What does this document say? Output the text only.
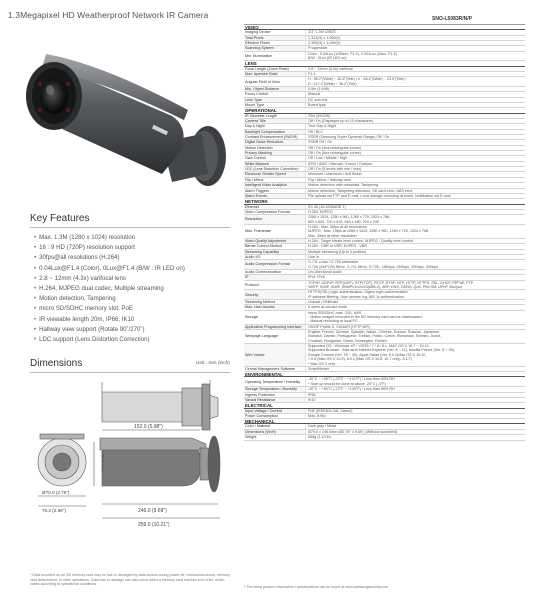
1.3Megapixel HD Weatherproof Network IR Camera
Key Features
• Max. 1.3M (1280 x 1024) resolution
• 16 : 9 HD (720P) resolution support
• 30fps@all resolutions (H.264)
• 0.04Lux@F1.4 (Color), 0Lux@F1.4 (B/W : IR LED on)
• 2.8 ~ 12mm (4.3x) varifocal lens
• H.264, MJPEG dual codec, Multiple streaming
• Motion detection, Tampering
• micro SD/SDHC memory slot, PoE
• IR viewable length 20m, IP66, IK10
• Hallway view support (Rotate 90˚/270˚)
• LDC support (Lens Distortion Correction)
Dimensions	Unit : mm (inch)
152.0 (5.98")
77.0 (3.03")
Ø70.0 (2.76")
75.2 (2.96")	246.0 (9.69")
259.0 (10.21")
* Data recorded on an SD memory card may be lost or damaged by data access during power off, mechanical shock, memory card detachment, or other operations. Data loss or damage can also occur when a memory card reaches end of life, which varies according to operational conditions.
* The latest product information / specifications can be found at www.samsungsecurity.com
SNO-L5083R/N/P
VIDEO
Imaging Device	1/3" 1.3M CMOS
Total Pixels	1,312(H) x 1,069(V)
Effective Pixels	1,305(H) x 1,049(V)
Scanning System	Progressive
Min. Illumination
Color : 0.04Lux (1/30sec, F1.4), 0.001Lux (2sec, F1.4)
B/W : 0Lux (IR LED on)
LENS
Focal Length (Zoom Ratio)	2.8 ~ 12mm (4.3x) varifocal
Max. Aperture Ratio	F1.4
Angular Field of View
H : 98.2˚(Wide) ~ 26.6˚(Tele) / V : 68.4˚(Wide) ~ 23.0˚(Tele) /
D : 117.3˚(Wide) ~ 36.2˚(Tele)
Min. Object Distance	0.5m (1.64ft)
Focus Control	Manual
Lens Type	DC auto iris
Mount Type	Board type
OPERATIONAL
IR Viewable Length	20m (65.62ft)
Camera Title	Off / On (Displayed up to 15 characters)
Day & Night	True Day & Night
Backlight Compensation	Off / BLC
Contrast Enhancement (SWDR)	SSDR (Samsung Super Dynamic Range) Off / On
Digital Noise Reduction	SSNR Off / On
Motion Detection	Off / On (4ea rectangular zones)
Privacy Masking	Off / On (6ea rectangular zones)
Gain Control	Off / Low / Middle / High
White Balance	ATW / AWC / Manual / Indoor / Outdoor
LDC (Lens Distortion Correction)	Off / On (5 levels with min / max)
Electronic Shutter Speed	Minimum / Maximum / Anti flicker
Flip / Mirror	Flip / Mirror / Hallway view
Intelligent Video Analytics	Motion detection with metadata, Tampering
Alarm Triggers	Motion detection, Tampering detection, SD card error, NAS error
Alarm Events	File upload via FTP and E-mail, Local storage recording at event, Notification via E-mail
NETWORK
Ethernet	RJ-45 (10/100BASE-T)
Video Compression Format	H.264, MJPEG
Resolution
1280 x 1024, 1280 x 960, 1280 x 720, 1024 x 768,
800 x 600, 720 x 576, 640 x 480, 320 x 240
Max. Framerate
H.264 : Max. 30fps at all resolutions
MJPEG : Max. 15fps at 1280 x 1024, 1280 x 960, 1280 x 720, 1024 x 768,
Max. 30fps at other resolution
Video Quality Adjustment	H.264 : Target bitrate level control, MJPEG : Quality level control
Bitrate Control Method	H.264 : CBR or VBR, MJPEG : VBR
Streaming Capability	Multiple streaming (Up to 3 profiles)
Audio I/O	Line in
Audio Compression Format
G.711 u-law / G.726 selectable
G.726 (ADPCM) 8KHz, G.711 8KHz, G.726 : 16Kbps, 24Kbps, 32Kbps, 40Kbps
Audio Communication	Uni-directional audio
IP	IPv4, IPv6
Protocol
TCP/IP, UDP/IP, RTP(UDP), RTP(TCP), RTCP, RTSP, NTP, HTTP, HTTPS, SSL, DHCP, PPPoE, FTP,
SMTP, ICMP, IGMP, SNMPv1/v2c/v3(MIB-2), ARP, DNS, DDNS, QoS, PIM-SM, UPnP, Bonjour
Security
HTTPS(SSL) login authentication, Digest login authentication
IP address filtering, User access log, 802.1x authentication
Streaming Method	Unicast / Multicast
Max. User Access	6 users at unicast mode
Storage
micro SD/SDHC max. 32G, NAS
- Motion images recorded in the SD memory card can be downloaded.
- Manual recording at local PC
Application Programming Interface	ONVIF Profile S, SUNAPI (HTTP API)
Webpage Language
English, French, German, Spanish, Italian, Chinese, Korean, Russian, Japanese,
Swedish, Danish, Portuguese, Turkish, Polish, Czech, Rumanian, Serbian, Dutch,
Croatian, Hungarian, Greek, Norwegian, Finnish
Web Viewer
Supported OS : Windows XP / VISTA / 7 / 8 / 8.1, MAC OS X 10.7 ~ 10.10
Supported Browser : Microsoft Internet Explorer (Ver. 8 ~ 11), Mozilla Firefox (Ver. 9 ~ 35),
Google Chrome (Ver. 15 ~ 40), Apple Safari (Ver. 6.0.2(Mac OS X 10.10,
7.0.6 (Mac OS X 10.9), 6.0.2 (Mac OS X 10.8, 10.7 only), 5.1.7)
* Mac OS X only
Central Management Software	SmartViewer
ENVIRONMENTAL
Operating Temperature / Humidity
-30°C ~ +55°C (-22°F ~ +131°F) / Less than 90% RH
* Start up should be done at above -20°C (-4°F)
Storage Temperature / Humidity	-30°C ~ +60°C (-22°F ~ +140°F) / Less than 90% RH
Ingress Protection	IP66
Vandal Resistance	IK10
ELECTRICAL
Input Voltage / Current	PoE (IEEE802.3af, Class2)
Power Consumption	Max. 5.9W
MECHANICAL
Color / Material	Dark gray / Metal
Dimensions (WxH)	Ø70.0 x 246.0mm (Ø2.76" x 9.69") (Without sunshield)
Weight	655g (1.43 lb)
